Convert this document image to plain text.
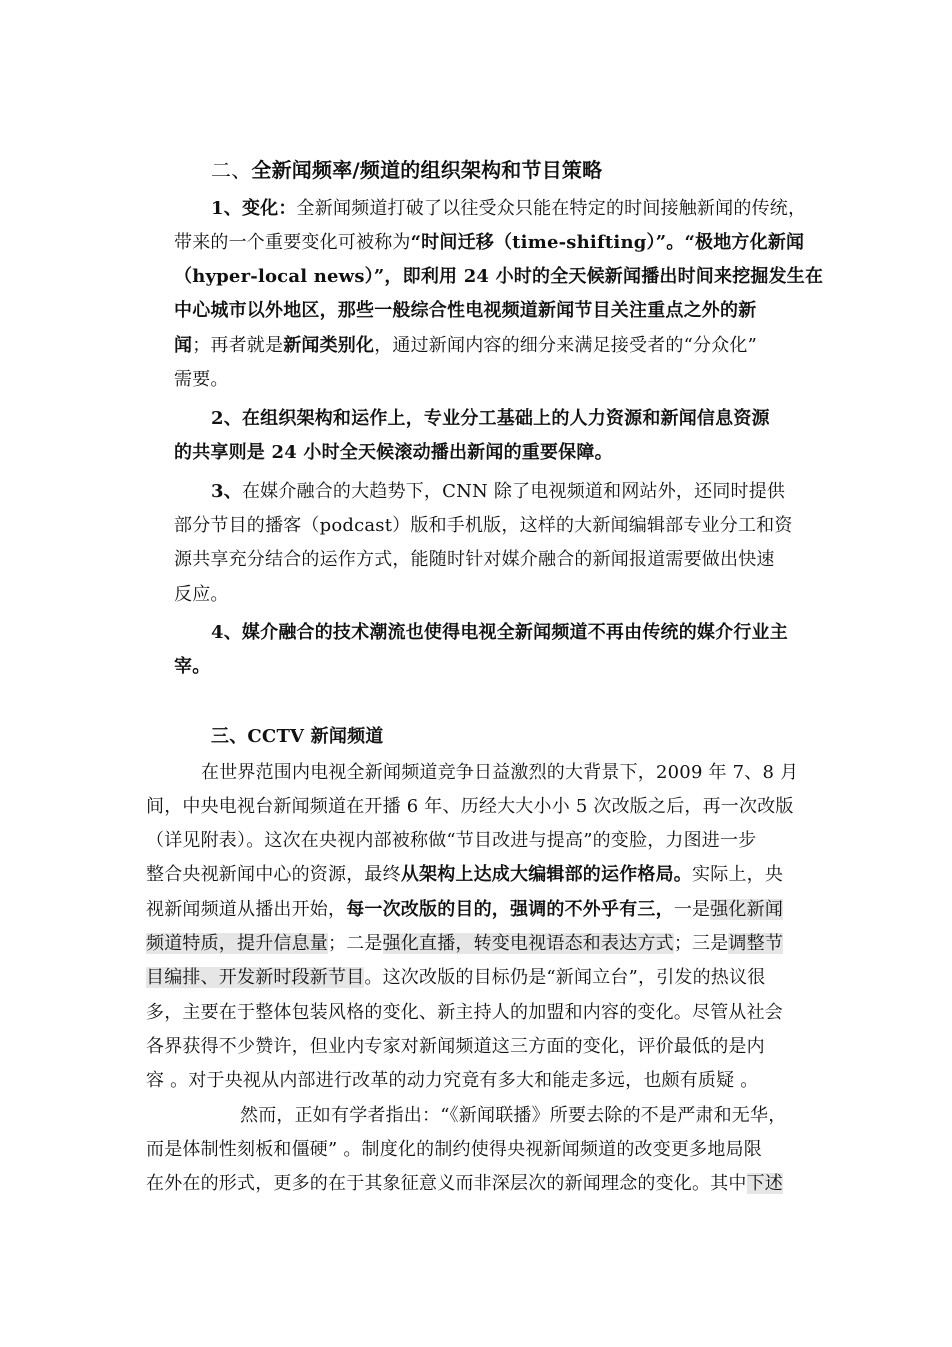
二、全新闻频率/频道的组织架构和节目策略
1、变化：全新闻频道打破了以往受众只能在特定的时间接触新闻的传统，
带来的一个重要变化可被称为“时间迁移（time-shifting）”。“极地方化新闻
（hyper-local news）”，即利用 24 小时的全天候新闻播出时间来挖掘发生在
中心城市以外地区，那些一般综合性电视频道新闻节目关注重点之外的新
闻；再者就是新闻类别化，通过新闻内容的细分来满足接受者的“分众化”
需要。
2、在组织架构和运作上，专业分工基础上的人力资源和新闻信息资源
的共享则是 24 小时全天候滚动播出新闻的重要保障。
3、在媒介融合的大趋势下，CNN 除了电视频道和网站外，还同时提供
部分节目的播客（podcast）版和手机版，这样的大新闻编辑部专业分工和资
源共享充分结合的运作方式，能随时针对媒介融合的新闻报道需要做出快速
反应。
4、媒介融合的技术潮流也使得电视全新闻频道不再由传统的媒介行业主
宰。
三、CCTV 新闻频道
在世界范围内电视全新闻频道竞争日益激烈的大背景下，2009 年 7、8 月
间，中央电视台新闻频道在开播 6 年、历经大大小小 5 次改版之后，再一次改版
（详见附表）。这次在央视内部被称做“节目改进与提高”的变脸，力图进一步
整合央视新闻中心的资源，最终从架构上达成大编辑部的运作格局。实际上，央
视新闻频道从播出开始，每一次改版的目的，强调的不外乎有三，一是强化新闻
频道特质，提升信息量；二是强化直播，转变电视语态和表达方式；三是调整节
目编排、开发新时段新节目。这次改版的目标仍是“新闻立台”，引发的热议很
多，主要在于整体包装风格的变化、新主持人的加盟和内容的变化。尽管从社会
各界获得不少赞许，但业内专家对新闻频道这三方面的变化，评价最低的是内
容 。对于央视从内部进行改革的动力究竟有多大和能走多远，也颇有质疑 。
然而，正如有学者指出：“《新闻联播》所要去除的不是严肃和无华，
而是体制性刻板和僵硬” 。制度化的制约使得央视新闻频道的改变更多地局限
在外在的形式，更多的在于其象征意义而非深层次的新闻理念的变化。其中下述
